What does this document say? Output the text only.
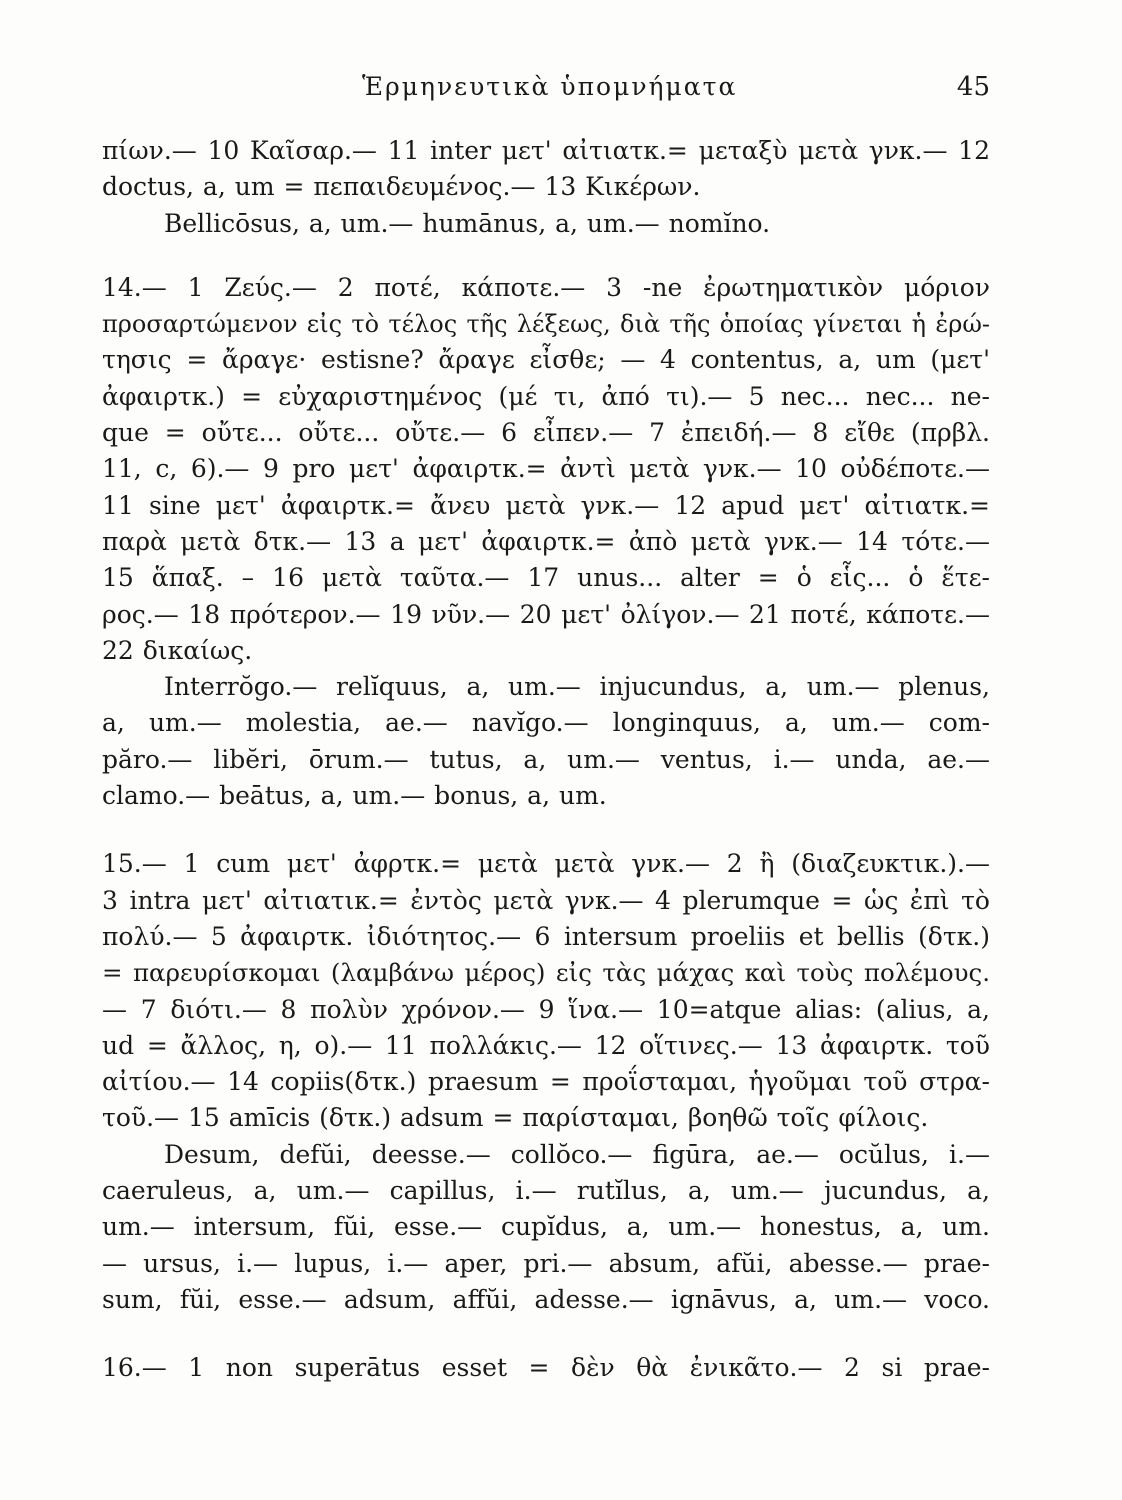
Ἑρμηνευτικὰ ὑπομνήματα	45
πίων.— 10 Καῖσαρ.— 11 inter μετ' αἰτιατκ.= μεταξὺ μετὰ γνκ.— 12
doctus, a, um = πεπαιδευμένος.— 13 Κικέρων.
Bellicōsus, a, um.— humānus, a, um.— nomĭno.
14.— 1 Ζεύς.— 2 ποτέ, κάποτε.— 3 -ne ἐρωτηματικὸν μόριον
προσαρτώμενον εἰς τὸ τέλος τῆς λέξεως, διὰ τῆς ὁποίας γίνεται ἡ ἐρώ-
τησις = ἄραγε· estisne? ἄραγε εἶσθε; — 4 contentus, a, um (μετ'
ἀφαιρτκ.) = εὐχαριστημένος (μέ τι, ἀπό τι).— 5 nec... nec... ne-
que = οὔτε... οὔτε... οὔτε.— 6 εἶπεν.— 7 ἐπειδή.— 8 εἴθε (πρβλ.
11, c, 6).— 9 pro μετ' ἀφαιρτκ.= ἀντὶ μετὰ γνκ.— 10 οὐδέποτε.—
11 sine μετ' ἀφαιρτκ.= ἄνευ μετὰ γνκ.— 12 apud μετ' αἰτιατκ.=
παρὰ μετὰ δτκ.— 13 a μετ' ἀφαιρτκ.= ἀπὸ μετὰ γνκ.— 14 τότε.—
15 ἅπαξ. – 16 μετὰ ταῦτα.— 17 unus... alter = ὁ εἷς... ὁ ἕτε-
ρος.— 18 πρότερον.— 19 νῦν.— 20 μετ' ὀλίγον.— 21 ποτέ, κάποτε.—
22 δικαίως.
Interrŏgo.— relĭquus, a, um.— injucundus, a, um.— plenus,
a, um.— molestia, ae.— navĭgo.— longinquus, a, um.— com-
păro.— libĕri, ōrum.— tutus, a, um.— ventus, i.— unda, ae.—
clamo.— beātus, a, um.— bonus, a, um.
15.— 1 cum μετ' ἀφρτκ.= μετὰ μετὰ γνκ.— 2 ἢ (διαζευκτικ.).—
3 intra μετ' αἰτιατικ.= ἐντὸς μετὰ γνκ.— 4 plerumque = ὡς ἐπὶ τὸ
πολύ.— 5 ἀφαιρτκ. ἰδιότητος.— 6 intersum proeliis et bellis (δτκ.)
= παρευρίσκομαι (λαμβάνω μέρος) εἰς τὰς μάχας καὶ τοὺς πολέμους.
— 7 διότι.— 8 πολὺν χρόνον.— 9 ἵνα.— 10=atque alias: (alius, a,
ud = ἄλλος, η, ο).— 11 πολλάκις.— 12 οἵτινες.— 13 ἀφαιρτκ. τοῦ
αἰτίου.— 14 copiis(δτκ.) praesum = προΐσταμαι, ἡγοῦμαι τοῦ στρα-
τοῦ.— 15 amīcis (δτκ.) adsum = παρίσταμαι, βοηθῶ τοῖς φίλοις.
Desum, defŭi, deesse.— collŏco.— figūra, ae.— ocŭlus, i.—
caeruleus, a, um.— capillus, i.— rutĭlus, a, um.— jucundus, a,
um.— intersum, fŭi, esse.— cupĭdus, a, um.— honestus, a, um.
— ursus, i.— lupus, i.— aper, pri.— absum, afŭi, abesse.— prae-
sum, fŭi, esse.— adsum, affŭi, adesse.— ignāvus, a, um.— voco.
16.— 1 non superātus esset = δὲν θὰ ἐνικᾶτο.— 2 si prae-
